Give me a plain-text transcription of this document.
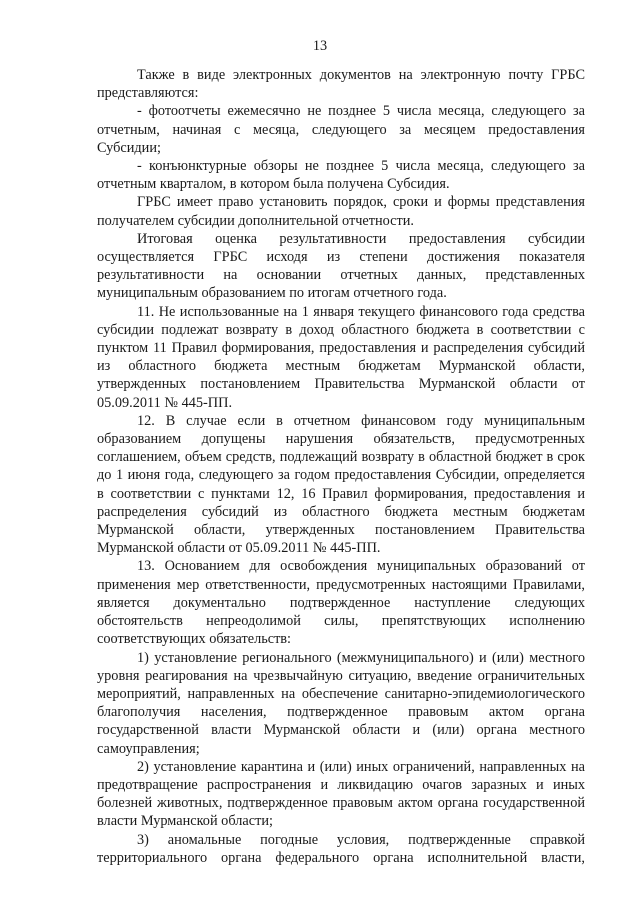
13

Также в виде электронных документов на электронную почту ГРБС представляются:

- фотоотчеты ежемесячно не позднее 5 числа месяца, следующего за отчетным, начиная с месяца, следующего за месяцем предоставления Субсидии;

- конъюнктурные обзоры не позднее 5 числа месяца, следующего за отчетным кварталом, в котором была получена Субсидия.

ГРБС имеет право установить порядок, сроки и формы представления получателем субсидии дополнительной отчетности.

Итоговая оценка результативности предоставления субсидии осуществляется ГРБС исходя из степени достижения показателя результативности на основании отчетных данных, представленных муниципальным образованием по итогам отчетного года.

11. Не использованные на 1 января текущего финансового года средства субсидии подлежат возврату в доход областного бюджета в соответствии с пунктом 11 Правил формирования, предоставления и распределения субсидий из областного бюджета местным бюджетам Мурманской области, утвержденных постановлением Правительства Мурманской области от 05.09.2011 № 445-ПП.

12. В случае если в отчетном финансовом году муниципальным образованием допущены нарушения обязательств, предусмотренных соглашением, объем средств, подлежащий возврату в областной бюджет в срок до 1 июня года, следующего за годом предоставления Субсидии, определяется в соответствии с пунктами 12, 16 Правил формирования, предоставления и распределения субсидий из областного бюджета местным бюджетам Мурманской области, утвержденных постановлением Правительства Мурманской области от 05.09.2011 № 445-ПП.

13. Основанием для освобождения муниципальных образований от применения мер ответственности, предусмотренных настоящими Правилами, является документально подтвержденное наступление следующих обстоятельств непреодолимой силы, препятствующих исполнению соответствующих обязательств:

1) установление регионального (межмуниципального) и (или) местного уровня реагирования на чрезвычайную ситуацию, введение ограничительных мероприятий, направленных на обеспечение санитарно-эпидемиологического благополучия населения, подтвержденное правовым актом органа государственной власти Мурманской области и (или) органа местного самоуправления;

2) установление карантина и (или) иных ограничений, направленных на предотвращение распространения и ликвидацию очагов заразных и иных болезней животных, подтвержденное правовым актом органа государственной власти Мурманской области;

3) аномальные погодные условия, подтвержденные справкой территориального органа федерального органа исполнительной власти,
